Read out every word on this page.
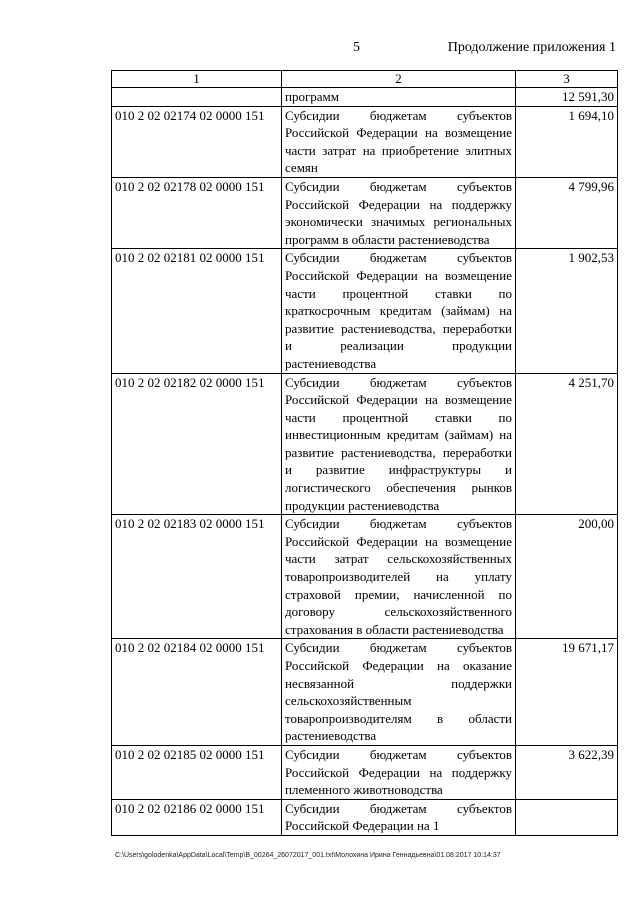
5	Продолжение приложения 1
1	2	3
	программ	12 591,30
010 2 02 02174 02 0000 151	Субсидии бюджетам субъектов Российской Федерации на возмещение части затрат на приобретение элитных семян	1 694,10
010 2 02 02178 02 0000 151	Субсидии бюджетам субъектов Российской Федерации на поддержку экономически значимых региональных программ в области растениеводства	4 799,96
010 2 02 02181 02 0000 151	Субсидии бюджетам субъектов Российской Федерации на возмещение части процентной ставки по краткосрочным кредитам (займам) на развитие растениеводства, переработки и реализации продукции растениеводства	1 902,53
010 2 02 02182 02 0000 151	Субсидии бюджетам субъектов Российской Федерации на возмещение части процентной ставки по инвестиционным кредитам (займам) на развитие растениеводства, переработки и развитие инфраструктуры и логистического обеспечения рынков продукции растениеводства	4 251,70
010 2 02 02183 02 0000 151	Субсидии бюджетам субъектов Российской Федерации на возмещение части затрат сельскохозяйственных товаропроизводителей на уплату страховой премии, начисленной по договору сельскохозяйственного страхования в области растениеводства	200,00
010 2 02 02184 02 0000 151	Субсидии бюджетам субъектов Российской Федерации на оказание несвязанной поддержки сельскохозяйственным товаропроизводителям в области растениеводства	19 671,17
010 2 02 02185 02 0000 151	Субсидии бюджетам субъектов Российской Федерации на поддержку племенного животноводства	3 622,39
010 2 02 02186 02 0000 151	Субсидии бюджетам субъектов Российской Федерации на 1	
C:\Users\golodenka\AppData\Local\Temp\B_00264_26072017_001.txt\Молохина Ирина Геннадьевна\01.08.2017 10:14:37
